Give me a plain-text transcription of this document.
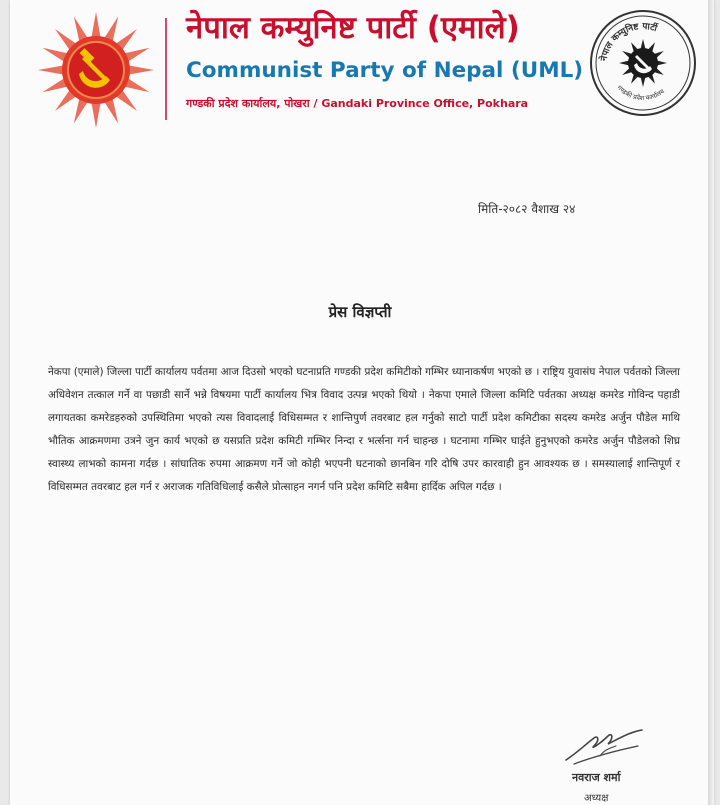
नेपाल कम्युनिष्ट पार्टी (एमाले)
Communist Party of Nepal (UML)
गण्डकी प्रदेश कार्यालय, पोखरा / Gandaki Province Office, Pokhara
नेपाल कम्युनिष्ट पार्टी
गण्डकी प्रदेश कार्यालय
मिति-२०८२ वैशाख २४
प्रेस विज्ञप्ती

नेकपा (एमाले) जिल्ला पार्टी कार्यालय पर्वतमा आज दिउसो भएको घटनाप्रति गण्डकी प्रदेश कमिटीको गम्भिर ध्यानाकर्षण भएको छ । राष्ट्रिय युवासंघ नेपाल पर्वतको जिल्ला अधिवेशन तत्काल गर्ने वा पछाडी सार्ने भन्ने विषयमा पार्टी कार्यालय भित्र विवाद उत्पन्न भएको थियो । नेकपा एमाले जिल्ला कमिटि पर्वतका अध्यक्ष कमरेड गोविन्द पहाडी लगायतका कमरेडहरुको उपस्थितिमा भएको त्यस विवादलाई विधिसम्मत र शान्तिपुर्ण तवरबाट हल गर्नुको साटो पार्टी प्रदेश कमिटीका सदस्य कमरेड अर्जुन पौडेल माथि भौतिक आक्रमणमा उत्रने जुन कार्य भएको छ यसप्रति प्रदेश कमिटी गम्भिर निन्दा र भर्त्सना गर्न चाहन्छ । घटनामा गम्भिर घाईते हुनुभएको कमरेड अर्जुन पौडेलको शिघ्र स्वास्थ्य लाभको कामना गर्दछ । सांघातिक रुपमा आक्रमण गर्ने जो कोही भएपनी घटनाको छानबिन गरि दोषि उपर कारवाही हुन आवश्यक छ । समस्यालाई शान्तिपूर्ण र विधिसम्मत तवरबाट हल गर्न र अराजक गतिविधिलाई कसैले प्रोत्साहन नगर्न पनि प्रदेश कमिटि सबैमा हार्दिक अपिल गर्दछ ।

नवराज शर्मा
अध्यक्ष
